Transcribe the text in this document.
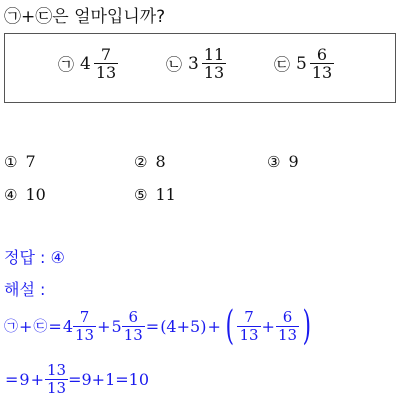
㉠+㉢은 얼마입니까?
㉠ $4 \frac{7}{13}$	㉡ $3 \frac{11}{13}$	㉢ $5 \frac{6}{13}$
① 7	② 8	③ 9
④ 10	⑤ 11
정답 : ④
해설 :
㉠ + ㉢ = $4 \frac{7}{13} + 5 \frac{6}{13} = (4+5)$ + ( $\frac{7}{13} + \frac{6}{13}$ )
= $9 + \frac{13}{13} =9+1=10$
